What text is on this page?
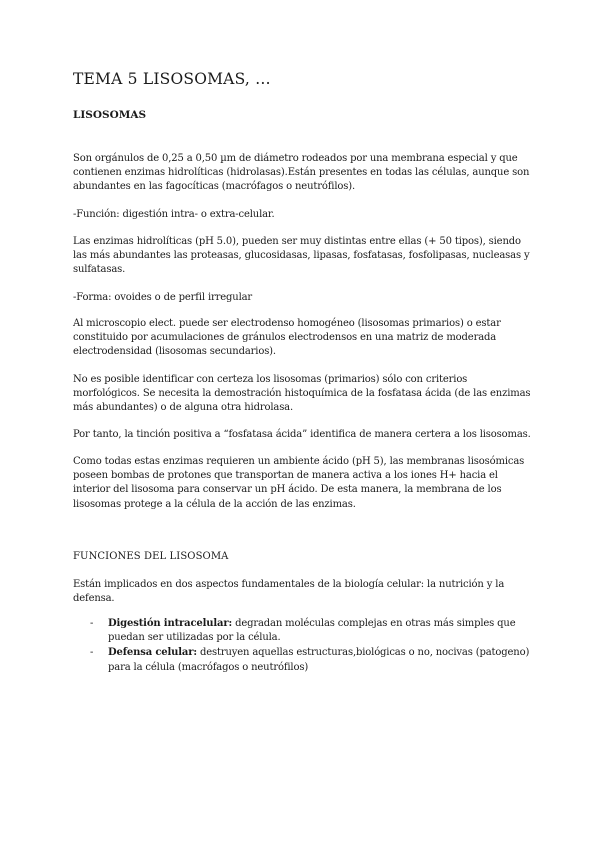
TEMA 5 LISOSOMAS, …
LISOSOMAS

Son orgánulos de 0,25 a 0,50 µm de diámetro rodeados por una membrana especial y que contienen enzimas hidrolíticas (hidrolasas).Están presentes en todas las células, aunque son abundantes en las fagocíticas (macrófagos o neutrófilos).

-Función: digestión intra- o extra-celular.

Las enzimas hidrolíticas (pH 5.0), pueden ser muy distintas entre ellas (+ 50 tipos), siendo las más abundantes las proteasas, glucosidasas, lipasas, fosfatasas, fosfolipasas, nucleasas y sulfatasas.

-Forma: ovoides o de perfil irregular

Al microscopio elect. puede ser electrodenso homogéneo (lisosomas primarios) o estar constituido por acumulaciones de gránulos electrodensos en una matriz de moderada electrodensidad (lisosomas secundarios).

No es posible identificar con certeza los lisosomas (primarios) sólo con criterios morfológicos. Se necesita la demostración histoquímica de la fosfatasa ácida (de las enzimas más abundantes) o de alguna otra hidrolasa.

Por tanto, la tinción positiva a “fosfatasa ácida” identifica de manera certera a los lisosomas.

Como todas estas enzimas requieren un ambiente ácido (pH 5), las membranas lisosómicas poseen bombas de protones que transportan de manera activa a los iones H+ hacia el interior del lisosoma para conservar un pH ácido. De esta manera, la membrana de los lisosomas protege a la célula de la acción de las enzimas.

FUNCIONES DEL LISOSOMA

Están implicados en dos aspectos fundamentales de la biología celular: la nutrición y la defensa.

- Digestión intracelular: degradan moléculas complejas en otras más simples que puedan ser utilizadas por la célula.
- Defensa celular: destruyen aquellas estructuras,biológicas o no, nocivas (patogeno) para la célula (macrófagos o neutrófilos)
